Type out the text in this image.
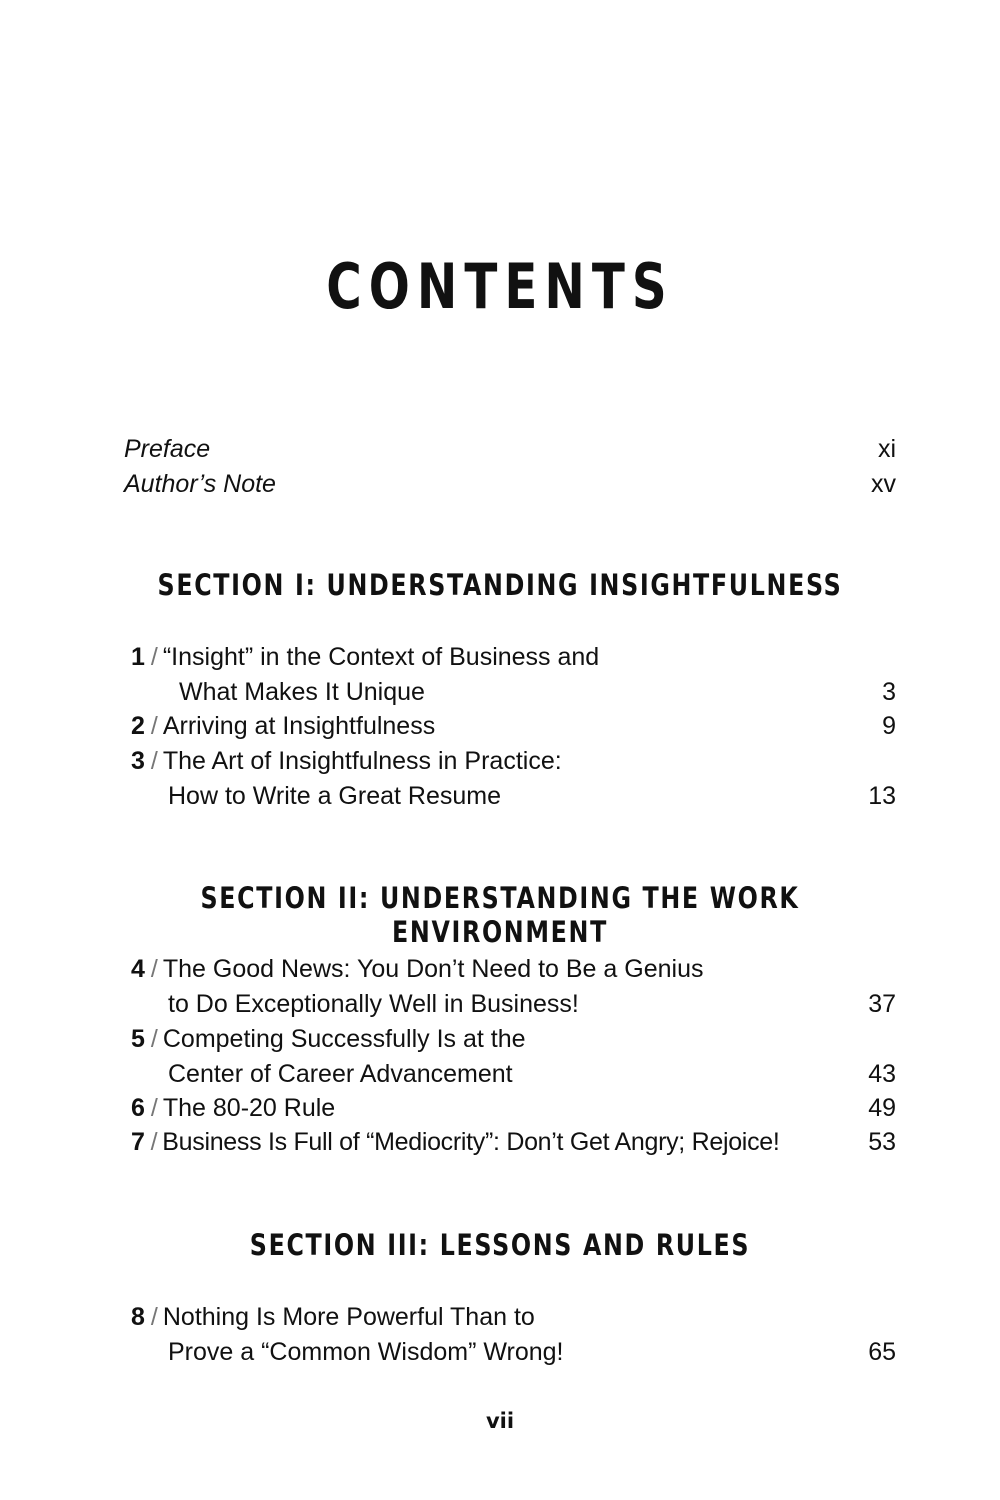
CONTENTS
Preface	xi
Author’s Note	xv
SECTION I: UNDERSTANDING INSIGHTFULNESS
1 / “Insight” in the Context of Business and
What Makes It Unique	3
2 / Arriving at Insightfulness	9
3 / The Art of Insightfulness in Practice:
How to Write a Great Resume	13
SECTION II: UNDERSTANDING THE WORK ENVIRONMENT
4 / The Good News: You Don’t Need to Be a Genius
to Do Exceptionally Well in Business!	37
5 / Competing Successfully Is at the
Center of Career Advancement	43
6 / The 80-20 Rule	49
7 / Business Is Full of “Mediocrity”: Don’t Get Angry; Rejoice!	53
SECTION III: LESSONS AND RULES
8 / Nothing Is More Powerful Than to
Prove a “Common Wisdom” Wrong!	65
vii
